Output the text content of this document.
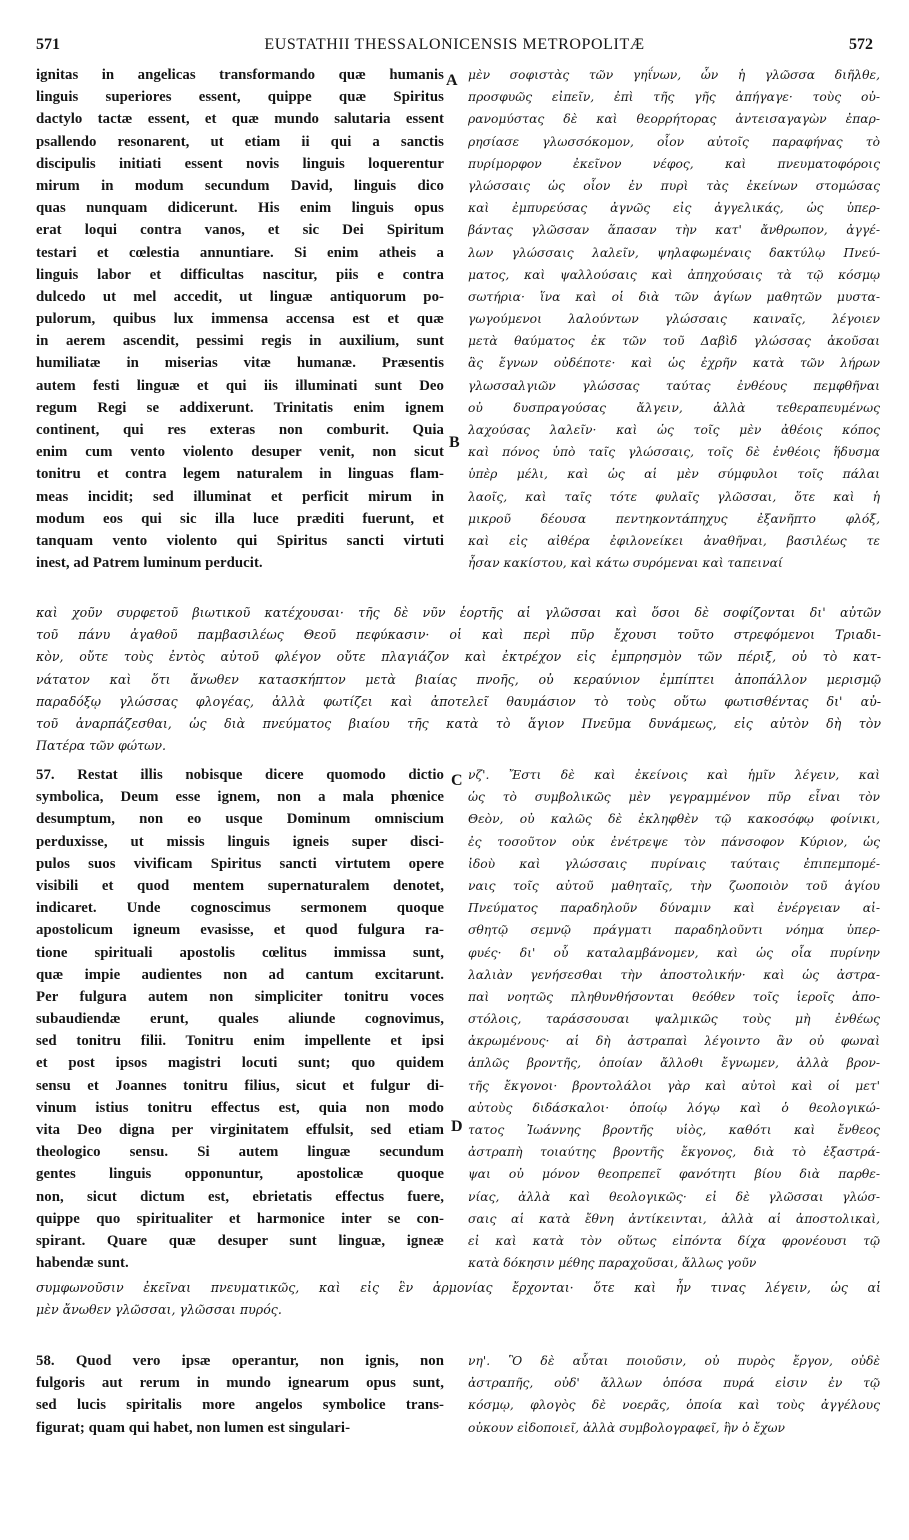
571	EUSTATHII THESSALONICENSIS METROPOLITÆ	572
A
B
C
D
ignitas in angelicas transformando quæ humanis
linguis superiores essent, quippe quæ Spiritus
dactylo tactæ essent, et quæ mundo salutaria essent
psallendo resonarent, ut etiam ii qui a sanctis
discipulis initiati essent novis linguis loquerentur
mirum in modum secundum David, linguis dico
quas nunquam didicerunt. His enim linguis opus
erat loqui contra vanos, et sic Dei Spiritum
testari et cœlestia annuntiare. Si enim atheis a
linguis labor et difficultas nascitur, piis e contra
dulcedo ut mel accedit, ut linguæ antiquorum po-
pulorum, quibus lux immensa accensa est et quæ
in aerem ascendit, pessimi regis in auxilium, sunt
humiliatæ in miserias vitæ humanæ. Præsentis
autem festi linguæ et qui iis illuminati sunt Deo
regum Regi se addixerunt. Trinitatis enim ignem
continent, qui res exteras non comburit. Quia
enim cum vento violento desuper venit, non sicut
tonitru et contra legem naturalem in linguas flam-
meas incidit; sed illuminat et perficit mirum in
modum eos qui sic illa luce præditi fuerunt, et
tanquam vento violento qui Spiritus sancti virtuti
inest, ad Patrem luminum perducit.
μὲν σοφιστὰς τῶν γηΐνων, ὧν ἡ γλῶσσα διῆλθε,
προσφυῶς εἰπεῖν, ἐπὶ τῆς γῆς ἀπήγαγε· τοὺς οὐ-
ρανομύστας δὲ καὶ θεορρήτορας ἀντεισαγαγὼν ἐπαρ-
ρησίασε γλωσσόκομον, οἷον αὐτοῖς παραφήνας τὸ
πυρίμορφον ἐκεῖνον νέφος, καὶ πνευματοφόροις
γλώσσαις ὡς οἷον ἐν πυρὶ τὰς ἐκείνων στομώσας
καὶ ἐμπυρεύσας ἀγνῶς εἰς ἀγγελικάς, ὡς ὑπερ-
βάντας γλῶσσαν ἅπασαν τὴν κατ' ἄνθρωπον, ἀγγέ-
λων γλώσσαις λαλεῖν, ψηλαφωμέναις δακτύλῳ Πνεύ-
ματος, καὶ ψαλλούσαις καὶ ἀπηχούσαις τὰ τῷ κόσμῳ
σωτήρια· ἵνα καὶ οἱ διὰ τῶν ἁγίων μαθητῶν μυστα-
γωγούμενοι λαλούντων γλώσσαις καιναῖς, λέγοιεν
μετὰ θαύματος ἐκ τῶν τοῦ Δαβὶδ γλώσσας ἀκοῦσαι
ἃς ἔγνων οὐδέποτε· καὶ ὡς ἐχρῆν κατὰ τῶν λήρων
γλωσσαλγιῶν γλώσσας ταύτας ἐνθέους πεμφθῆναι
οὐ δυσπραγούσας ἄλγειν, ἀλλὰ τεθεραπευμένως
λαχούσας λαλεῖν· καὶ ὡς τοῖς μὲν ἀθέοις κόπος
καὶ πόνος ὑπὸ ταῖς γλώσσαις, τοῖς δὲ ἐνθέοις ἥδυσμα
ὑπὲρ μέλι, καὶ ὡς αἱ μὲν σύμφυλοι τοῖς πάλαι
λαοῖς, καὶ ταῖς τότε φυλαῖς γλῶσσαι, ὅτε καὶ ἡ
μικροῦ δέουσα πεντηκοντάπηχυς ἐξανῆπτο φλόξ,
καὶ εἰς αἰθέρα ἐφιλονείκει ἀναθῆναι, βασιλέως τε
ἦσαν κακίστου, καὶ κάτω συρόμεναι καὶ ταπειναί
καὶ χοῦν συρφετοῦ βιωτικοῦ κατέχουσαι· τῆς δὲ νῦν ἑορτῆς αἱ γλῶσσαι καὶ ὅσοι δὲ σοφίζονται δι' αὐτῶν
τοῦ πάνυ ἀγαθοῦ παμβασιλέως Θεοῦ πεφύκασιν· οἱ καὶ περὶ πῦρ ἔχουσι τοῦτο στρεφόμενοι Τριαδι-
κὸν, οὔτε τοὺς ἐντὸς αὐτοῦ φλέγον οὔτε πλαγιάζον καὶ ἐκτρέχον εἰς ἐμπρησμὸν τῶν πέριξ, οὐ τὸ κατ-
νάτατον καὶ ὅτι ἄνωθεν κατασκήπτον μετὰ βιαίας πνοῆς, οὐ κεραύνιον ἐμπίπτει ἀποπάλλον μερισμῷ
παραδόξῳ γλώσσας φλογέας, ἀλλὰ φωτίζει καὶ ἀποτελεῖ θαυμάσιον τὸ τοὺς οὕτω φωτισθέντας δι' αὐ-
τοῦ ἀναρπάζεσθαι, ὡς διὰ πνεύματος βιαίου τῆς κατὰ τὸ ἅγιον Πνεῦμα δυνάμεως, εἰς αὐτὸν δὴ τὸν
Πατέρα τῶν φώτων.
57. Restat illis nobisque dicere quomodo dictio
symbolica, Deum esse ignem, non a mala phœnice
desumptum, non eo usque Dominum omniscium
perduxisse, ut missis linguis igneis super disci-
pulos suos vivificam Spiritus sancti virtutem opere
visibili et quod mentem supernaturalem denotet,
indicaret. Unde cognoscimus sermonem quoque
apostolicum igneum evasisse, et quod fulgura ra-
tione spirituali apostolis cœlitus immissa sunt,
quæ impie audientes non ad cantum excitarunt.
Per fulgura autem non simpliciter tonitru voces
subaudiendæ erunt, quales aliunde cognovimus,
sed tonitru filii. Tonitru enim impellente et ipsi
et post ipsos magistri locuti sunt; quo quidem
sensu et Joannes tonitru filius, sicut et fulgur di-
vinum istius tonitru effectus est, quia non modo
vita Deo digna per virginitatem effulsit, sed etiam
theologico sensu. Si autem linguæ secundum
gentes linguis opponuntur, apostolicæ quoque
non, sicut dictum est, ebrietatis effectus fuere,
quippe quo spiritualiter et harmonice inter se con-
spirant. Quare quæ desuper sunt linguæ, igneæ
habendæ sunt.
νζ'. Ἔστι δὲ καὶ ἐκείνοις καὶ ἡμῖν λέγειν, καὶ
ὡς τὸ συμβολικῶς μὲν γεγραμμένον πῦρ εἶναι τὸν
Θεὸν, οὐ καλῶς δὲ ἐκληφθὲν τῷ κακοσόφῳ φοίνικι,
ἐς τοσοῦτον οὐκ ἐνέτρεψε τὸν πάνσοφον Κύριον, ὡς
ἰδοὺ καὶ γλώσσαις πυρίναις ταύταις ἐπιπεμπομέ-
ναις τοῖς αὐτοῦ μαθηταῖς, τὴν ζωοποιὸν τοῦ ἁγίου
Πνεύματος παραδηλοῦν δύναμιν καὶ ἐνέργειαν αἰ-
σθητῷ σεμνῷ πράγματι παραδηλοῦντι νόημα ὑπερ-
φυές· δι' οὗ καταλαμβάνομεν, καὶ ὡς οἷα πυρίνην
λαλιὰν γενήσεσθαι τὴν ἀποστολικήν· καὶ ὡς ἀστρα-
παὶ νοητῶς πληθυνθήσονται θεόθεν τοῖς ἱεροῖς ἀπο-
στόλοις, ταράσσουσαι ψαλμικῶς τοὺς μὴ ἐνθέως
ἀκρωμένους· αἱ δὴ ἀστραπαὶ λέγοιντο ἂν οὐ φωναὶ
ἁπλῶς βροντῆς, ὁποίαν ἄλλοθι ἔγνωμεν, ἀλλὰ βρον-
τῆς ἔκγονοι· βροντολάλοι γὰρ καὶ αὐτοὶ καὶ οἱ μετ'
αὐτοὺς διδάσκαλοι· ὁποίῳ λόγῳ καὶ ὁ θεολογικώ-
τατος Ἰωάννης βροντῆς υἱὸς, καθότι καὶ ἔνθεος
ἀστραπὴ τοιαύτης βροντῆς ἔκγονος, διὰ τὸ ἐξαστρά-
ψαι οὐ μόνον θεοπρεπεῖ φανότητι βίου διὰ παρθε-
νίας, ἀλλὰ καὶ θεολογικῶς· εἰ δὲ γλῶσσαι γλώσ-
σαις αἱ κατὰ ἔθνη ἀντίκεινται, ἀλλὰ αἱ ἀποστολικαὶ,
εἰ καὶ κατὰ τὸν οὕτως εἰπόντα δίχα φρονέουσι τῷ
κατὰ δόκησιν μέθης παραχοῦσαι, ἄλλως γοῦν
συμφωνοῦσιν ἐκεῖναι πνευματικῶς, καὶ εἰς ἓν ἁρμονίας ἔρχονται· ὅτε καὶ ἦν τινας λέγειν, ὡς αἱ
μὲν ἄνωθεν γλῶσσαι, γλῶσσαι πυρός.
58. Quod vero ipsæ operantur, non ignis, non
fulgoris aut rerum in mundo ignearum opus sunt,
sed lucis spiritalis more angelos symbolice trans-
figurat; quam qui habet, non lumen est singulari-
νη'. Ὃ δὲ αὗται ποιοῦσιν, οὐ πυρὸς ἔργον, οὐδὲ
ἀστραπῆς, οὐδ' ἄλλων ὁπόσα πυρά εἰσιν ἐν τῷ
κόσμῳ, φλογὸς δὲ νοερᾶς, ὁποία καὶ τοὺς ἀγγέλους
οὐκουν εἰδοποιεῖ, ἀλλὰ συμβολογραφεῖ, ἣν ὁ ἔχων
